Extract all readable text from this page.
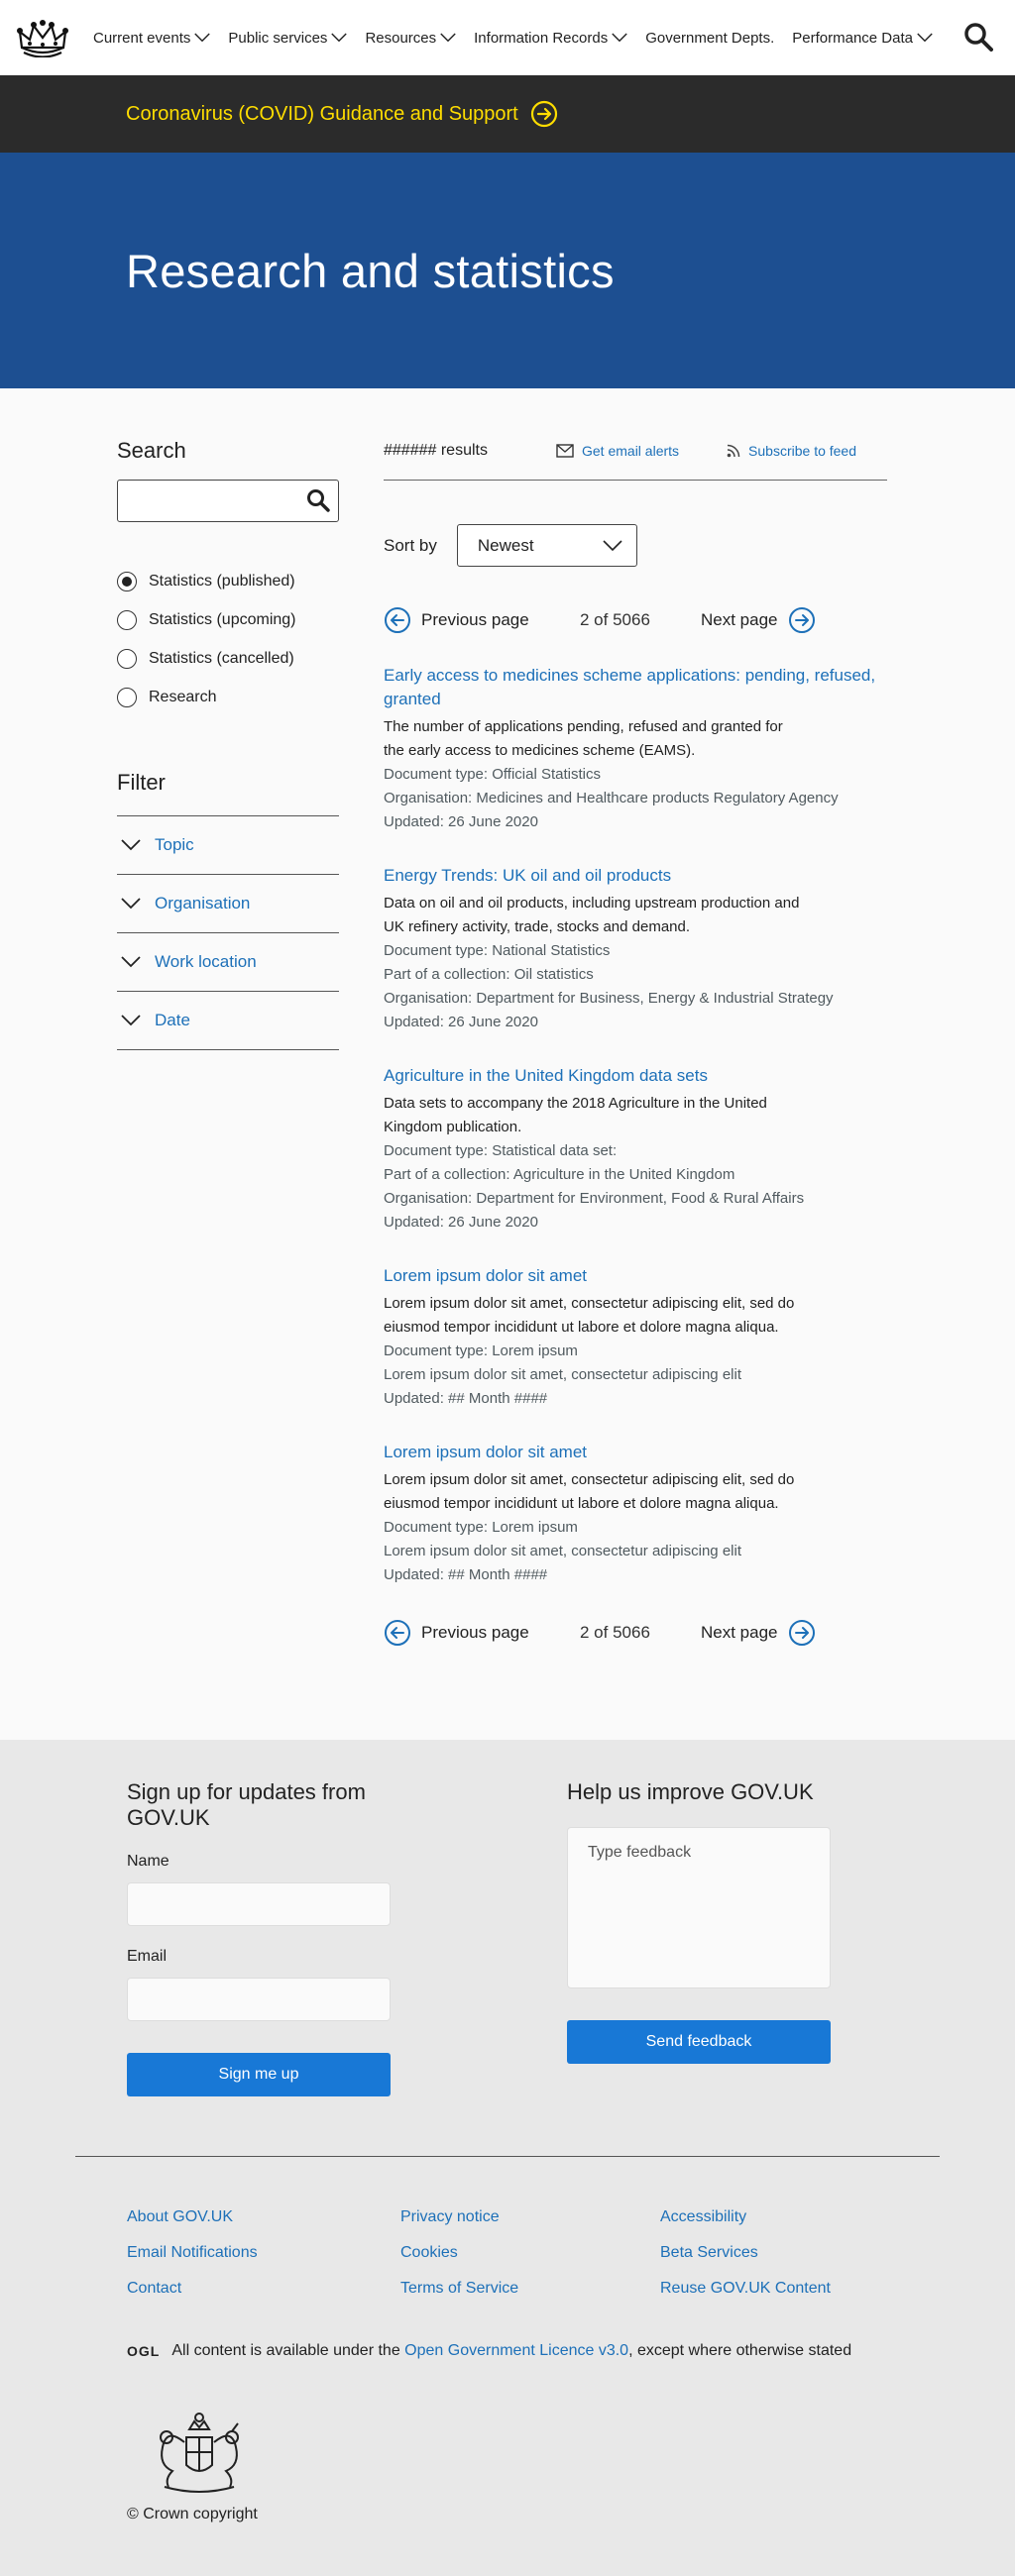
Current events	Public services	Resources	Information Records	Government Depts. Performance Data
Coronavirus (COVID) Guidance and Support
Research and statistics
Search
Statistics (published)
Statistics (upcoming)
Statistics (cancelled)
Research
Filter
Topic
Organisation
Work location
Date
###### results	Get email alerts	Subscribe to feed
Sort by Newest
Previous page	2 of 5066	Next page
Early access to medicines scheme applications: pending, refused, granted
The number of applications pending, refused and granted for the early access to medicines scheme (EAMS).
Document type: Official Statistics
Organisation: Medicines and Healthcare products Regulatory Agency
Updated: 26 June 2020
Energy Trends: UK oil and oil products
Data on oil and oil products, including upstream production and UK refinery activity, trade, stocks and demand.
Document type: National Statistics
Part of a collection: Oil statistics
Organisation: Department for Business, Energy & Industrial Strategy
Updated: 26 June 2020
Agriculture in the United Kingdom data sets
Data sets to accompany the 2018 Agriculture in the United Kingdom publication.
Document type: Statistical data set:
Part of a collection: Agriculture in the United Kingdom
Organisation: Department for Environment, Food & Rural Affairs
Updated: 26 June 2020
Lorem ipsum dolor sit amet
Lorem ipsum dolor sit amet, consectetur adipiscing elit, sed do eiusmod tempor incididunt ut labore et dolore magna aliqua.
Document type: Lorem ipsum
Lorem ipsum dolor sit amet, consectetur adipiscing elit
Updated: ## Month ####
Lorem ipsum dolor sit amet
Lorem ipsum dolor sit amet, consectetur adipiscing elit, sed do eiusmod tempor incididunt ut labore et dolore magna aliqua.
Document type: Lorem ipsum
Lorem ipsum dolor sit amet, consectetur adipiscing elit
Updated: ## Month ####
Previous page	2 of 5066	Next page
Sign up for updates from GOV.UK
Name
Email
Sign me up
Help us improve GOV.UK
Type feedback
Send feedback
About GOV.UK
Email Notifications
Contact
Privacy notice
Cookies
Terms of Service
Accessibility
Beta Services
Reuse GOV.UK Content
OGL All content is available under the
Open Government Licence v3.0 , except where otherwise stated
© Crown copyright
